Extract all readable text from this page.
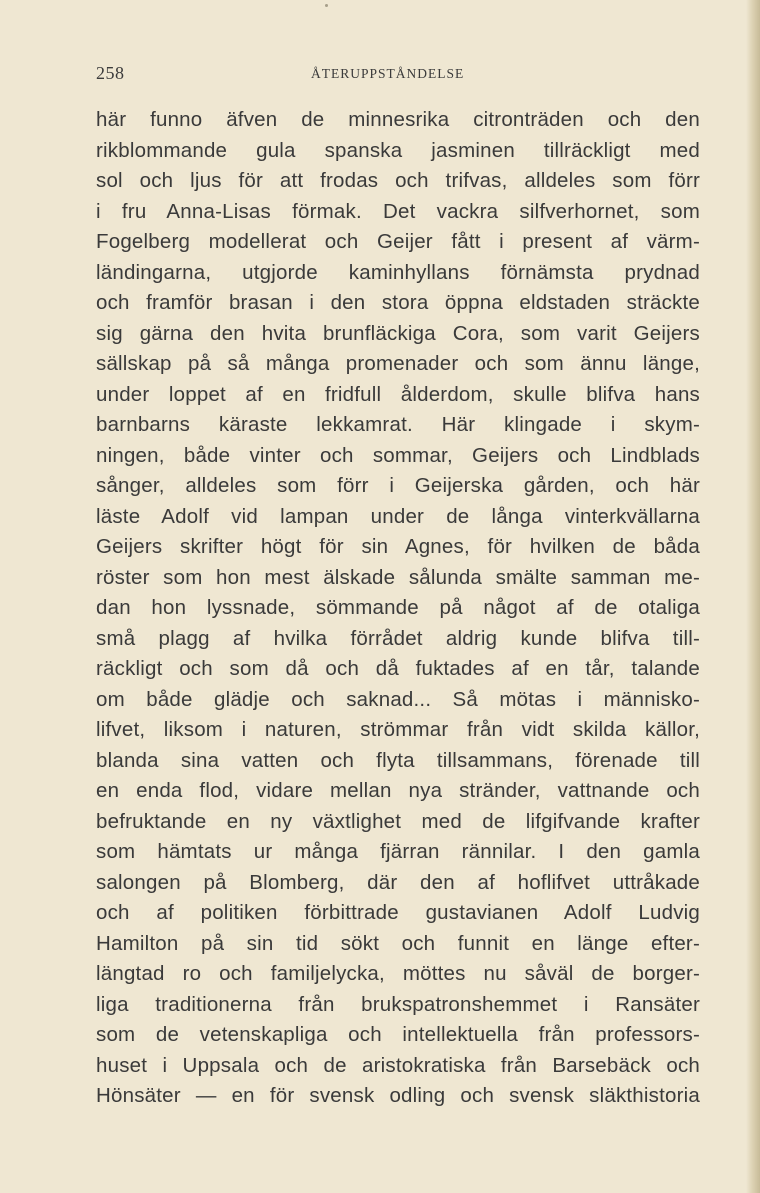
258	ÅTERUPPSTÅNDELSE
här funno äfven de minnesrika citronträden och den
rikblommande gula spanska jasminen tillräckligt med
sol och ljus för att frodas och trifvas, alldeles som förr
i fru Anna-Lisas förmak. Det vackra silfverhornet, som
Fogelberg modellerat och Geijer fått i present af värm-
ländingarna, utgjorde kaminhyllans förnämsta prydnad
och framför brasan i den stora öppna eldstaden sträckte
sig gärna den hvita brunfläckiga Cora, som varit Geijers
sällskap på så många promenader och som ännu länge,
under loppet af en fridfull ålderdom, skulle blifva hans
barnbarns käraste lekkamrat. Här klingade i skym-
ningen, både vinter och sommar, Geijers och Lindblads
sånger, alldeles som förr i Geijerska gården, och här
läste Adolf vid lampan under de långa vinterkvällarna
Geijers skrifter högt för sin Agnes, för hvilken de båda
röster som hon mest älskade sålunda smälte samman me-
dan hon lyssnade, sömmande på något af de otaliga
små plagg af hvilka förrådet aldrig kunde blifva till-
räckligt och som då och då fuktades af en tår, talande
om både glädje och saknad... Så mötas i människo-
lifvet, liksom i naturen, strömmar från vidt skilda källor,
blanda sina vatten och flyta tillsammans, förenade till
en enda flod, vidare mellan nya stränder, vattnande och
befruktande en ny växtlighet med de lifgifvande krafter
som hämtats ur många fjärran rännilar. I den gamla
salongen på Blomberg, där den af hoflifvet uttråkade
och af politiken förbittrade gustavianen Adolf Ludvig
Hamilton på sin tid sökt och funnit en länge efter-
längtad ro och familjelycka, möttes nu såväl de borger-
liga traditionerna från brukspatronshemmet i Ransäter
som de vetenskapliga och intellektuella från professors-
huset i Uppsala och de aristokratiska från Barsebäck och
Hönsäter — en för svensk odling och svensk släkthistoria
